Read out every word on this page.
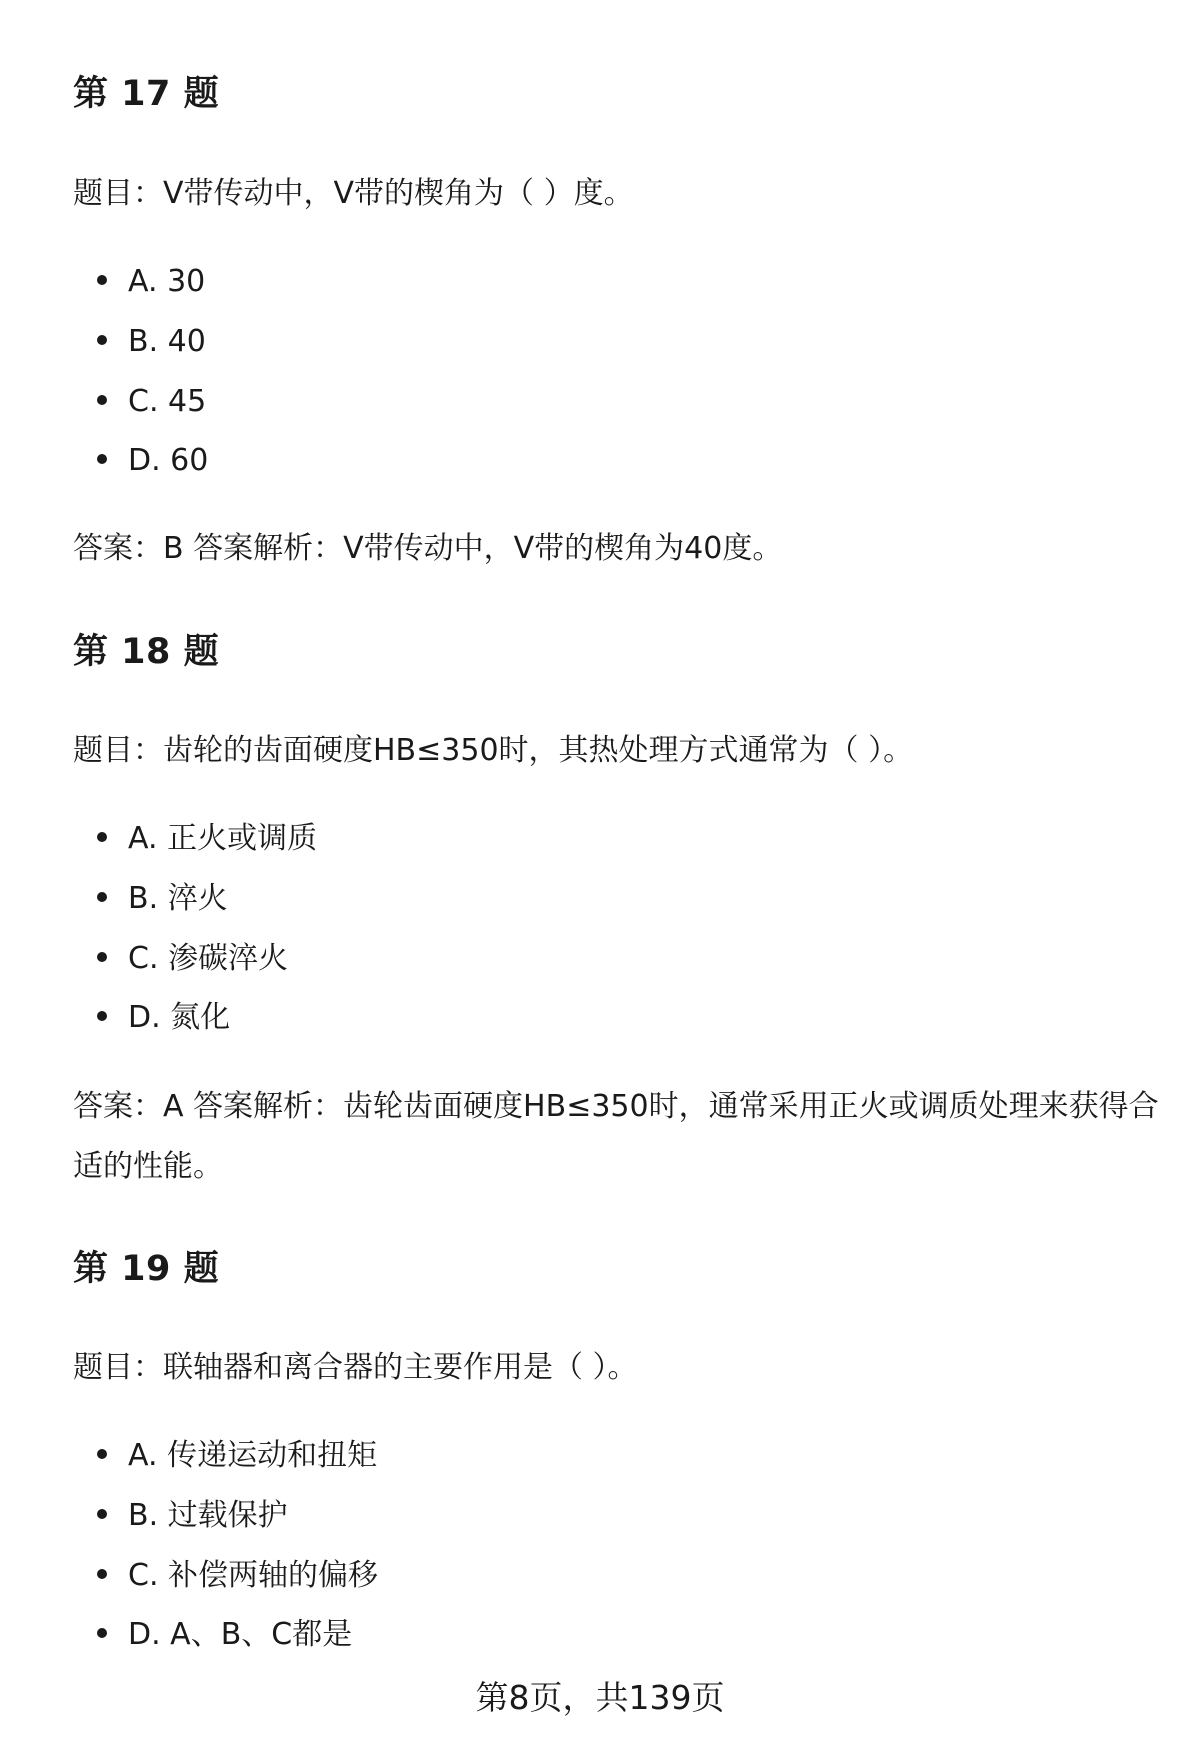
第 17 题
题目：V带传动中，V带的楔角为（ ）度。
A. 30
B. 40
C. 45
D. 60
答案：B 答案解析：V带传动中，V带的楔角为40度。
第 18 题
题目：齿轮的齿面硬度HB≤350时，其热处理方式通常为（ ）。
A. 正火或调质
B. 淬火
C. 渗碳淬火
D. 氮化
答案：A 答案解析：齿轮齿面硬度HB≤350时，通常采用正火或调质处理来获得合
适的性能。
第 19 题
题目：联轴器和离合器的主要作用是（ ）。
A. 传递运动和扭矩
B. 过载保护
C. 补偿两轴的偏移
D. A、B、C都是
第8页，共139页
